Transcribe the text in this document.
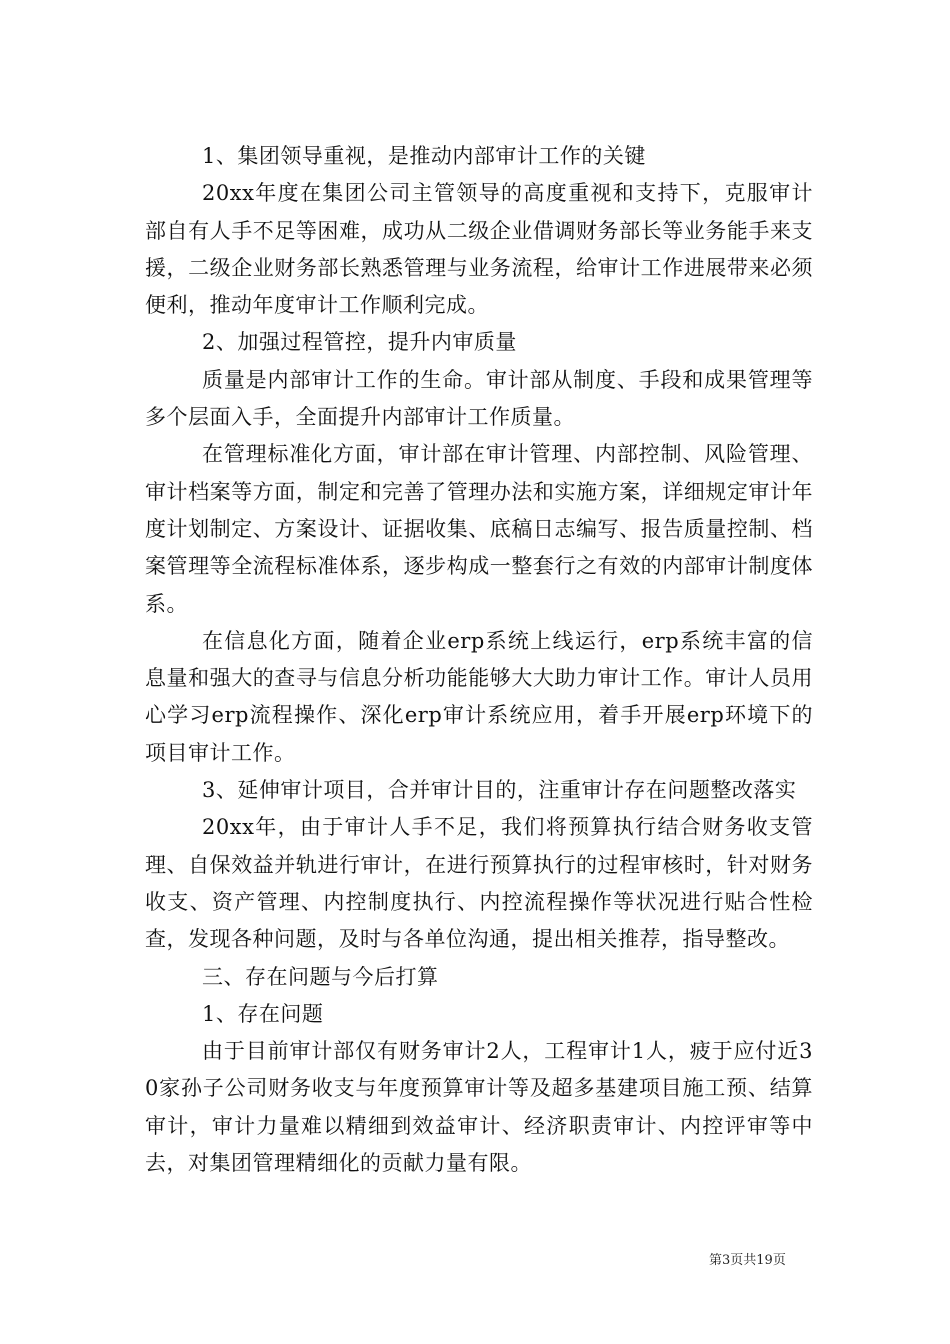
1、集团领导重视，是推动内部审计工作的关键

20xx年度在集团公司主管领导的高度重视和支持下，克服审计部自有人手不足等困难，成功从二级企业借调财务部长等业务能手来支援，二级企业财务部长熟悉管理与业务流程，给审计工作进展带来必须便利，推动年度审计工作顺利完成。

2、加强过程管控，提升内审质量

质量是内部审计工作的生命。审计部从制度、手段和成果管理等多个层面入手，全面提升内部审计工作质量。

在管理标准化方面，审计部在审计管理、内部控制、风险管理、审计档案等方面，制定和完善了管理办法和实施方案，详细规定审计年度计划制定、方案设计、证据收集、底稿日志编写、报告质量控制、档案管理等全流程标准体系，逐步构成一整套行之有效的内部审计制度体系。

在信息化方面，随着企业erp系统上线运行，erp系统丰富的信息量和强大的查寻与信息分析功能能够大大助力审计工作。审计人员用心学习erp流程操作、深化erp审计系统应用，着手开展erp环境下的项目审计工作。

3、延伸审计项目，合并审计目的，注重审计存在问题整改落实

20xx年，由于审计人手不足，我们将预算执行结合财务收支管理、自保效益并轨进行审计，在进行预算执行的过程审核时，针对财务收支、资产管理、内控制度执行、内控流程操作等状况进行贴合性检查，发现各种问题，及时与各单位沟通，提出相关推荐，指导整改。

三、存在问题与今后打算

1、存在问题

由于目前审计部仅有财务审计2人，工程审计1人，疲于应付近30家孙子公司财务收支与年度预算审计等及超多基建项目施工预、结算审计，审计力量难以精细到效益审计、经济职责审计、内控评审等中去，对集团管理精细化的贡献力量有限。

第3页共19页
